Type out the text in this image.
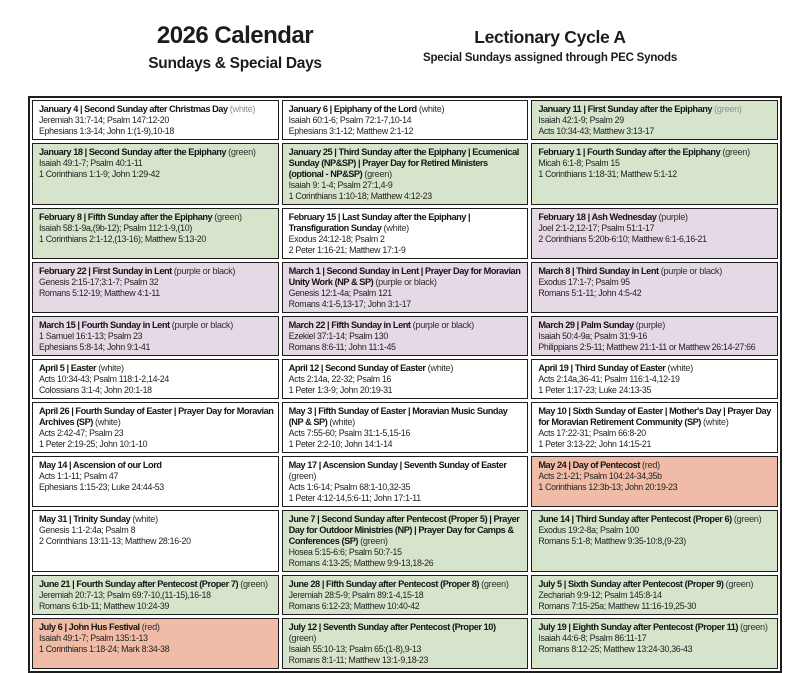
2026 Calendar
Sundays & Special Days
Lectionary Cycle A
Special Sundays assigned through PEC Synods
January 4 | Second Sunday after Christmas Day (white)
Jeremiah 31:7-14; Psalm 147:12-20
Ephesians 1:3-14; John 1:(1-9),10-18
January 6 | Epiphany of the Lord (white)
Isaiah 60:1-6; Psalm 72:1-7,10-14
Ephesians 3:1-12; Matthew 2:1-12
January 11 | First Sunday after the Epiphany (green)
Isaiah 42:1-9; Psalm 29
Acts 10:34-43; Matthew 3:13-17
January 18 | Second Sunday after the Epiphany (green)
Isaiah 49:1-7; Psalm 40:1-11
1 Corinthians 1:1-9; John 1:29-42
January 25 | Third Sunday after the Epiphany | Ecumenical Sunday (NP&SP) | Prayer Day for Retired Ministers (optional - NP&SP) (green)
Isaiah 9: 1-4; Psalm 27:1,4-9
1 Corinthians 1:10-18; Matthew 4:12-23
February 1 | Fourth Sunday after the Epiphany (green)
Micah 6:1-8; Psalm 15
1 Corinthians 1:18-31; Matthew 5:1-12
February 8 | Fifth Sunday after the Epiphany (green)
Isaiah 58:1-9a,(9b-12); Psalm 112:1-9,(10)
1 Corinthians 2:1-12,(13-16); Matthew 5:13-20
February 15 | Last Sunday after the Epiphany | Transfiguration Sunday (white)
Exodus 24:12-18; Psalm 2
2 Peter 1:16-21; Matthew 17:1-9
February 18 | Ash Wednesday (purple)
Joel 2:1-2,12-17; Psalm 51:1-17
2 Corinthians 5:20b-6:10; Matthew 6:1-6,16-21
February 22 | First Sunday in Lent (purple or black)
Genesis 2:15-17;3:1-7; Psalm 32
Romans 5:12-19; Matthew 4:1-11
March 1 | Second Sunday in Lent | Prayer Day for Moravian Unity Work (NP & SP) (purple or black)
Genesis 12:1-4a; Psalm 121
Romans 4:1-5,13-17; John 3:1-17
March 8 | Third Sunday in Lent (purple or black)
Exodus 17:1-7; Psalm 95
Romans 5:1-11; John 4:5-42
March 15 | Fourth Sunday in Lent (purple or black)
1 Samuel 16:1-13; Psalm 23
Ephesians 5:8-14; John 9:1-41
March 22 | Fifth Sunday in Lent (purple or black)
Ezekiel 37:1-14; Psalm 130
Romans 8:6-11; John 11:1-45
March 29 | Palm Sunday (purple)
Isaiah 50:4-9a; Psalm 31:9-16
Philippians 2:5-11; Matthew 21:1-11 or Matthew 26:14-27:66
April 5 | Easter (white)
Acts 10:34-43; Psalm 118:1-2,14-24
Colossians 3:1-4; John 20:1-18
April 12 | Second Sunday of Easter (white)
Acts 2:14a, 22-32; Psalm 16
1 Peter 1:3-9; John 20:19-31
April 19 | Third Sunday of Easter (white)
Acts 2:14a,36-41; Psalm 116:1-4,12-19
1 Peter 1:17-23; Luke 24:13-35
April 26 | Fourth Sunday of Easter | Prayer Day for Moravian Archives (SP) (white)
Acts 2:42-47; Psalm 23
1 Peter 2:19-25; John 10:1-10
May 3 | Fifth Sunday of Easter | Moravian Music Sunday (NP & SP) (white)
Acts 7:55-60; Psalm 31:1-5,15-16
1 Peter 2:2-10; John 14:1-14
May 10 | Sixth Sunday of Easter | Mother's Day | Prayer Day for Moravian Retirement Community (SP) (white)
Acts 17:22-31; Psalm 66:8-20
1 Peter 3:13-22; John 14:15-21
May 14 | Ascension of our Lord
Acts 1:1-11; Psalm 47
Ephesians 1:15-23; Luke 24:44-53
May 17 | Ascension Sunday | Seventh Sunday of Easter (green)
Acts 1:6-14; Psalm 68:1-10,32-35
1 Peter 4:12-14,5:6-11; John 17:1-11
May 24 | Day of Pentecost (red)
Acts 2:1-21; Psalm 104:24-34,35b
1 Corinthians 12:3b-13; John 20:19-23
May 31 | Trinity Sunday (white)
Genesis 1:1-2:4a; Psalm 8
2 Corinthians 13:11-13; Matthew 28:16-20
June 7 | Second Sunday after Pentecost (Proper 5) | Prayer Day for Outdoor Ministries (NP) | Prayer Day for Camps & Conferences (SP) (green)
Hosea 5:15-6:6; Psalm 50:7-15
Romans 4:13-25; Matthew 9:9-13,18-26
June 14 | Third Sunday after Pentecost (Proper 6) (green)
Exodus 19:2-8a; Psalm 100
Romans 5:1-8; Matthew 9:35-10:8,(9-23)
June 21 | Fourth Sunday after Pentecost (Proper 7) (green)
Jeremiah 20:7-13; Psalm 69:7-10,(11-15),16-18
Romans 6:1b-11; Matthew 10:24-39
June 28 | Fifth Sunday after Pentecost (Proper 8) (green)
Jeremiah 28:5-9; Psalm 89:1-4,15-18
Romans 6:12-23; Matthew 10:40-42
July 5 | Sixth Sunday after Pentecost (Proper 9) (green)
Zechariah 9:9-12; Psalm 145:8-14
Romans 7:15-25a; Matthew 11:16-19,25-30
July 6 | John Hus Festival (red)
Isaiah 49:1-7; Psalm 135:1-13
1 Corinthians 1:18-24; Mark 8:34-38
July 12 | Seventh Sunday after Pentecost (Proper 10) (green)
Isaiah 55:10-13; Psalm 65:(1-8),9-13
Romans 8:1-11; Matthew 13:1-9,18-23
July 19 | Eighth Sunday after Pentecost (Proper 11) (green)
Isaiah 44:6-8; Psalm 86:11-17
Romans 8:12-25; Matthew 13:24-30,36-43
